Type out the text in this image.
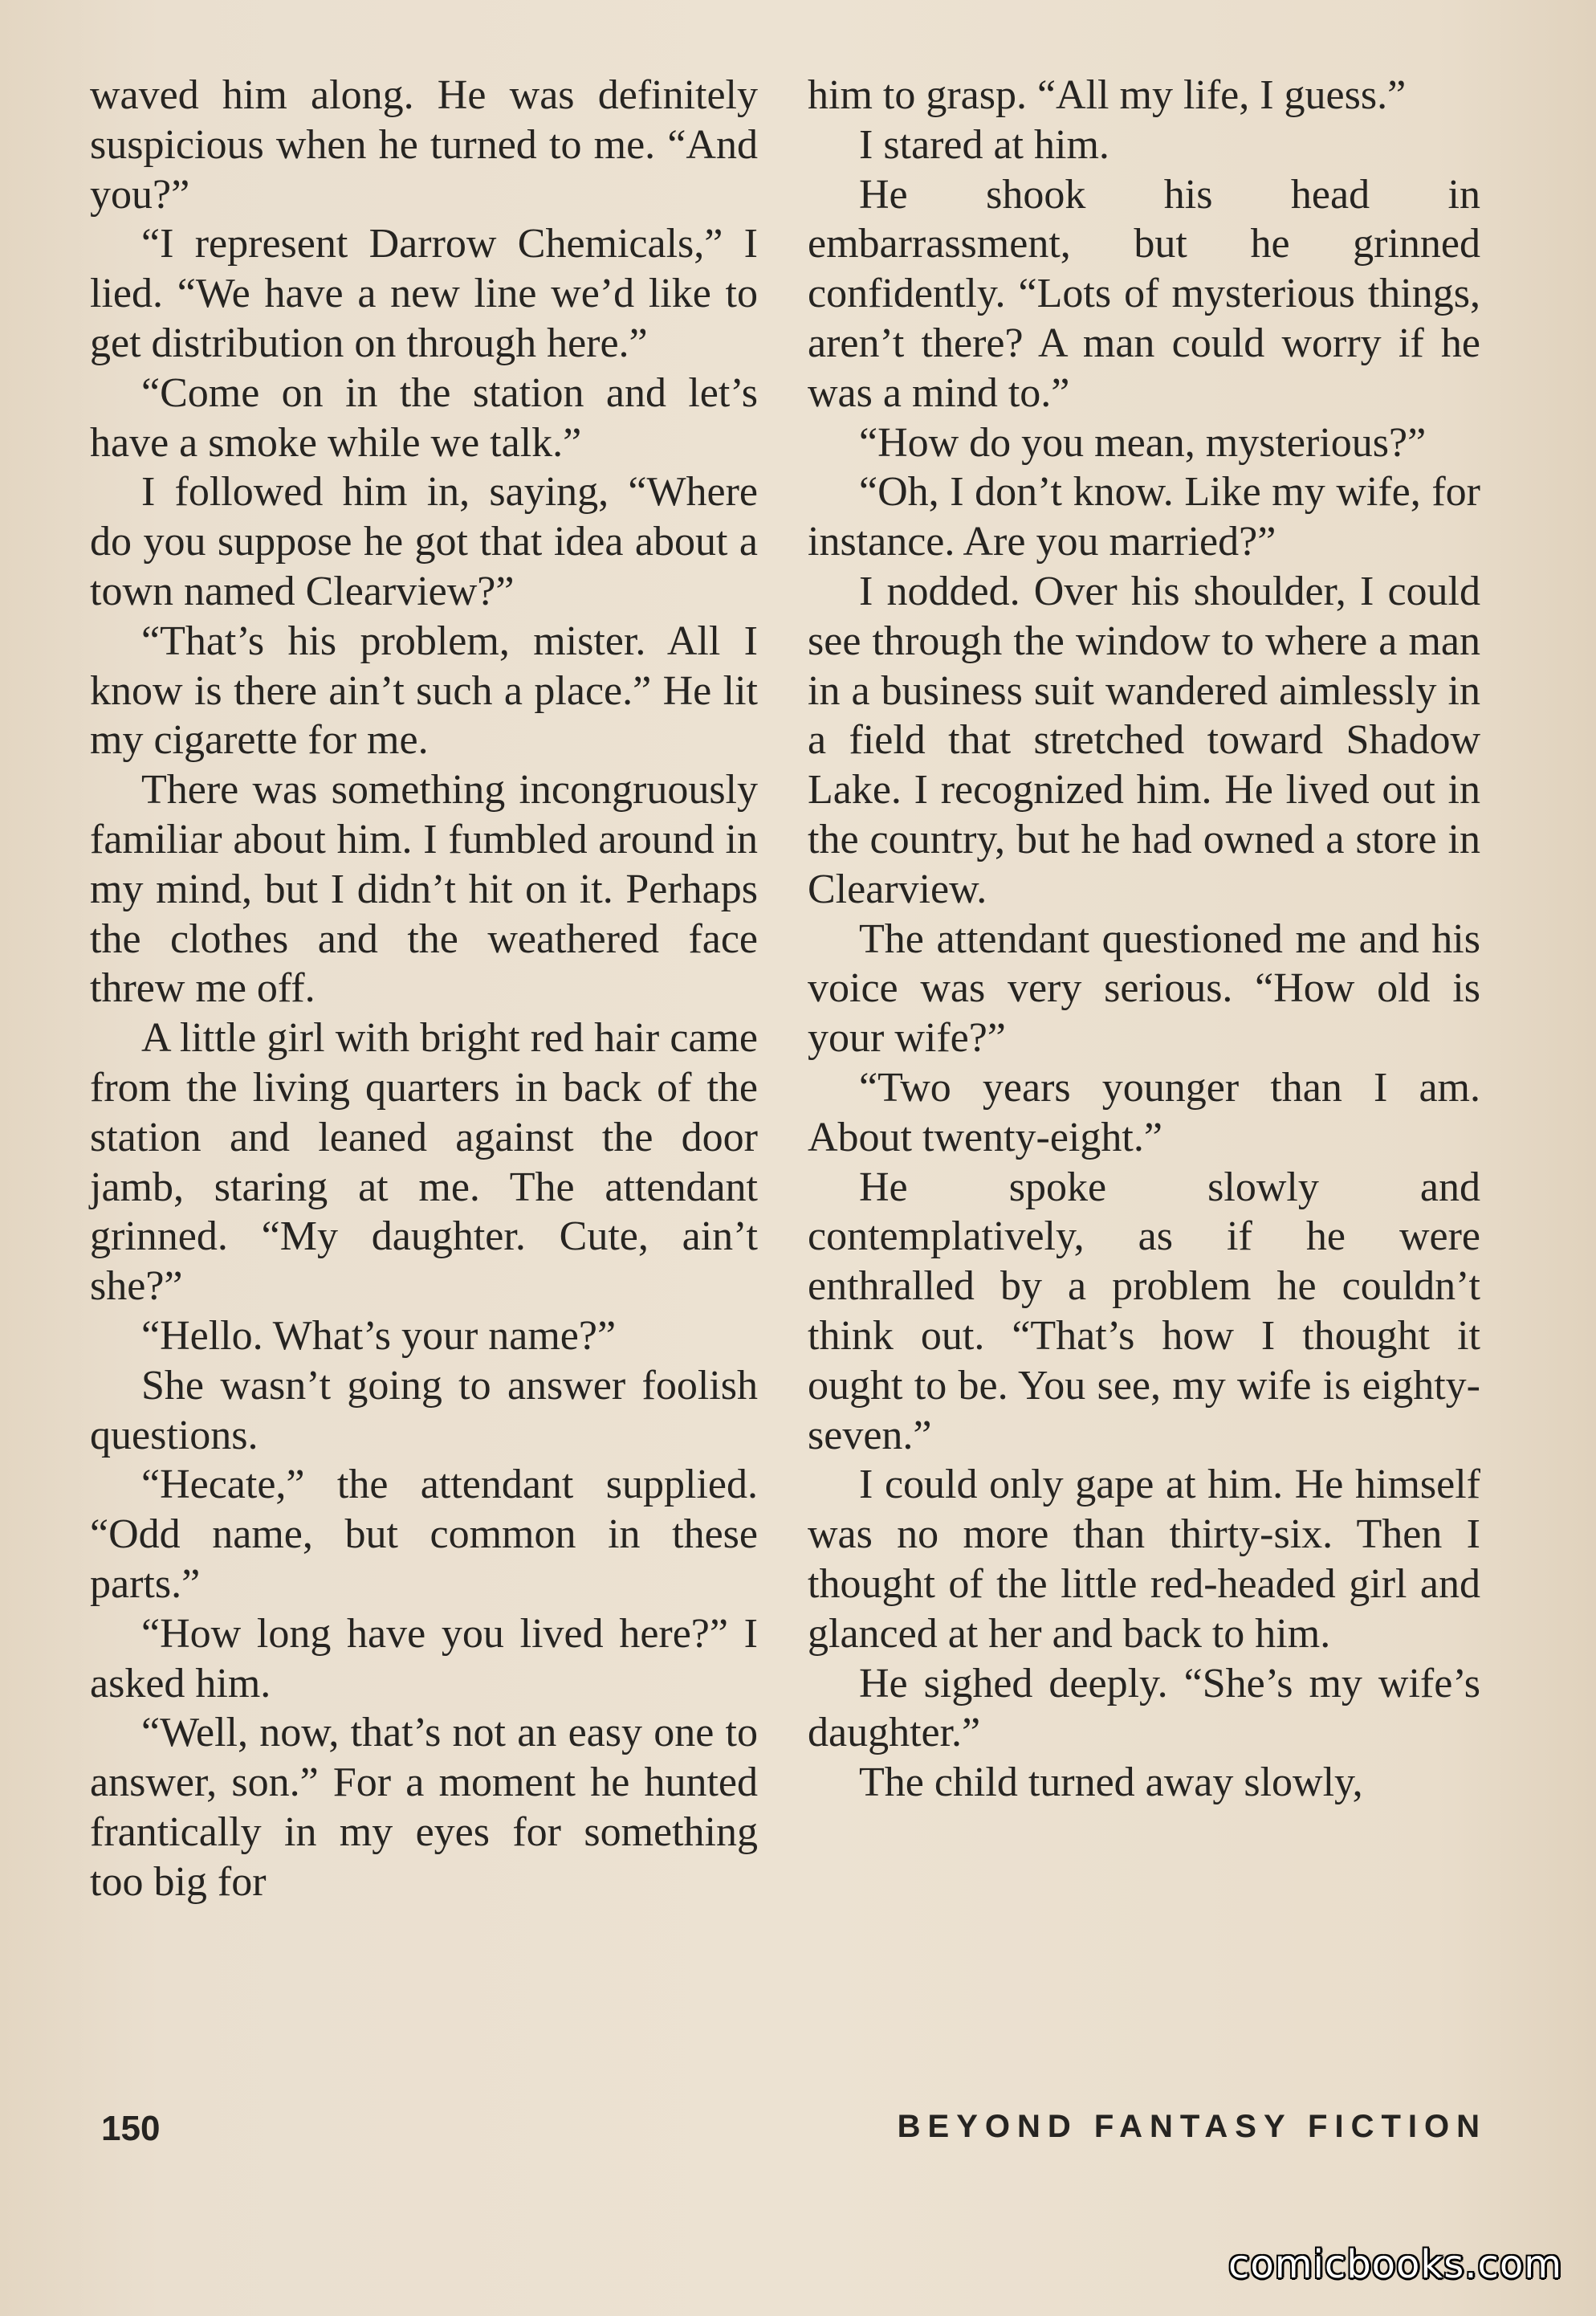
waved him along. He was definitely suspicious when he turned to me. “And you?”

“I represent Darrow Chemicals,” I lied. “We have a new line we’d like to get distribution on through here.”

“Come on in the station and let’s have a smoke while we talk.”

I followed him in, saying, “Where do you suppose he got that idea about a town named Clearview?”

“That’s his problem, mister. All I know is there ain’t such a place.” He lit my cigarette for me.

There was something incongruously familiar about him. I fumbled around in my mind, but I didn’t hit on it. Perhaps the clothes and the weathered face threw me off.

A little girl with bright red hair came from the living quarters in back of the station and leaned against the door jamb, staring at me. The attendant grinned. “My daughter. Cute, ain’t she?”

“Hello. What’s your name?”

She wasn’t going to answer foolish questions.

“Hecate,” the attendant supplied. “Odd name, but common in these parts.”

“How long have you lived here?” I asked him.

“Well, now, that’s not an easy one to answer, son.” For a moment he hunted frantically in my eyes for something too big for

him to grasp. “All my life, I guess.”

I stared at him.

He shook his head in embarrassment, but he grinned confidently. “Lots of mysterious things, aren’t there? A man could worry if he was a mind to.”

“How do you mean, mysterious?”

“Oh, I don’t know. Like my wife, for instance. Are you married?”

I nodded. Over his shoulder, I could see through the window to where a man in a business suit wandered aimlessly in a field that stretched toward Shadow Lake. I recognized him. He lived out in the country, but he had owned a store in Clearview.

The attendant questioned me and his voice was very serious. “How old is your wife?”

“Two years younger than I am. About twenty-eight.”

He spoke slowly and contemplatively, as if he were enthralled by a problem he couldn’t think out. “That’s how I thought it ought to be. You see, my wife is eighty-seven.”

I could only gape at him. He himself was no more than thirty-six. Then I thought of the little red-headed girl and glanced at her and back to him.

He sighed deeply. “She’s my wife’s daughter.”

The child turned away slowly,

150	BEYOND FANTASY FICTION
comicbooks.com
